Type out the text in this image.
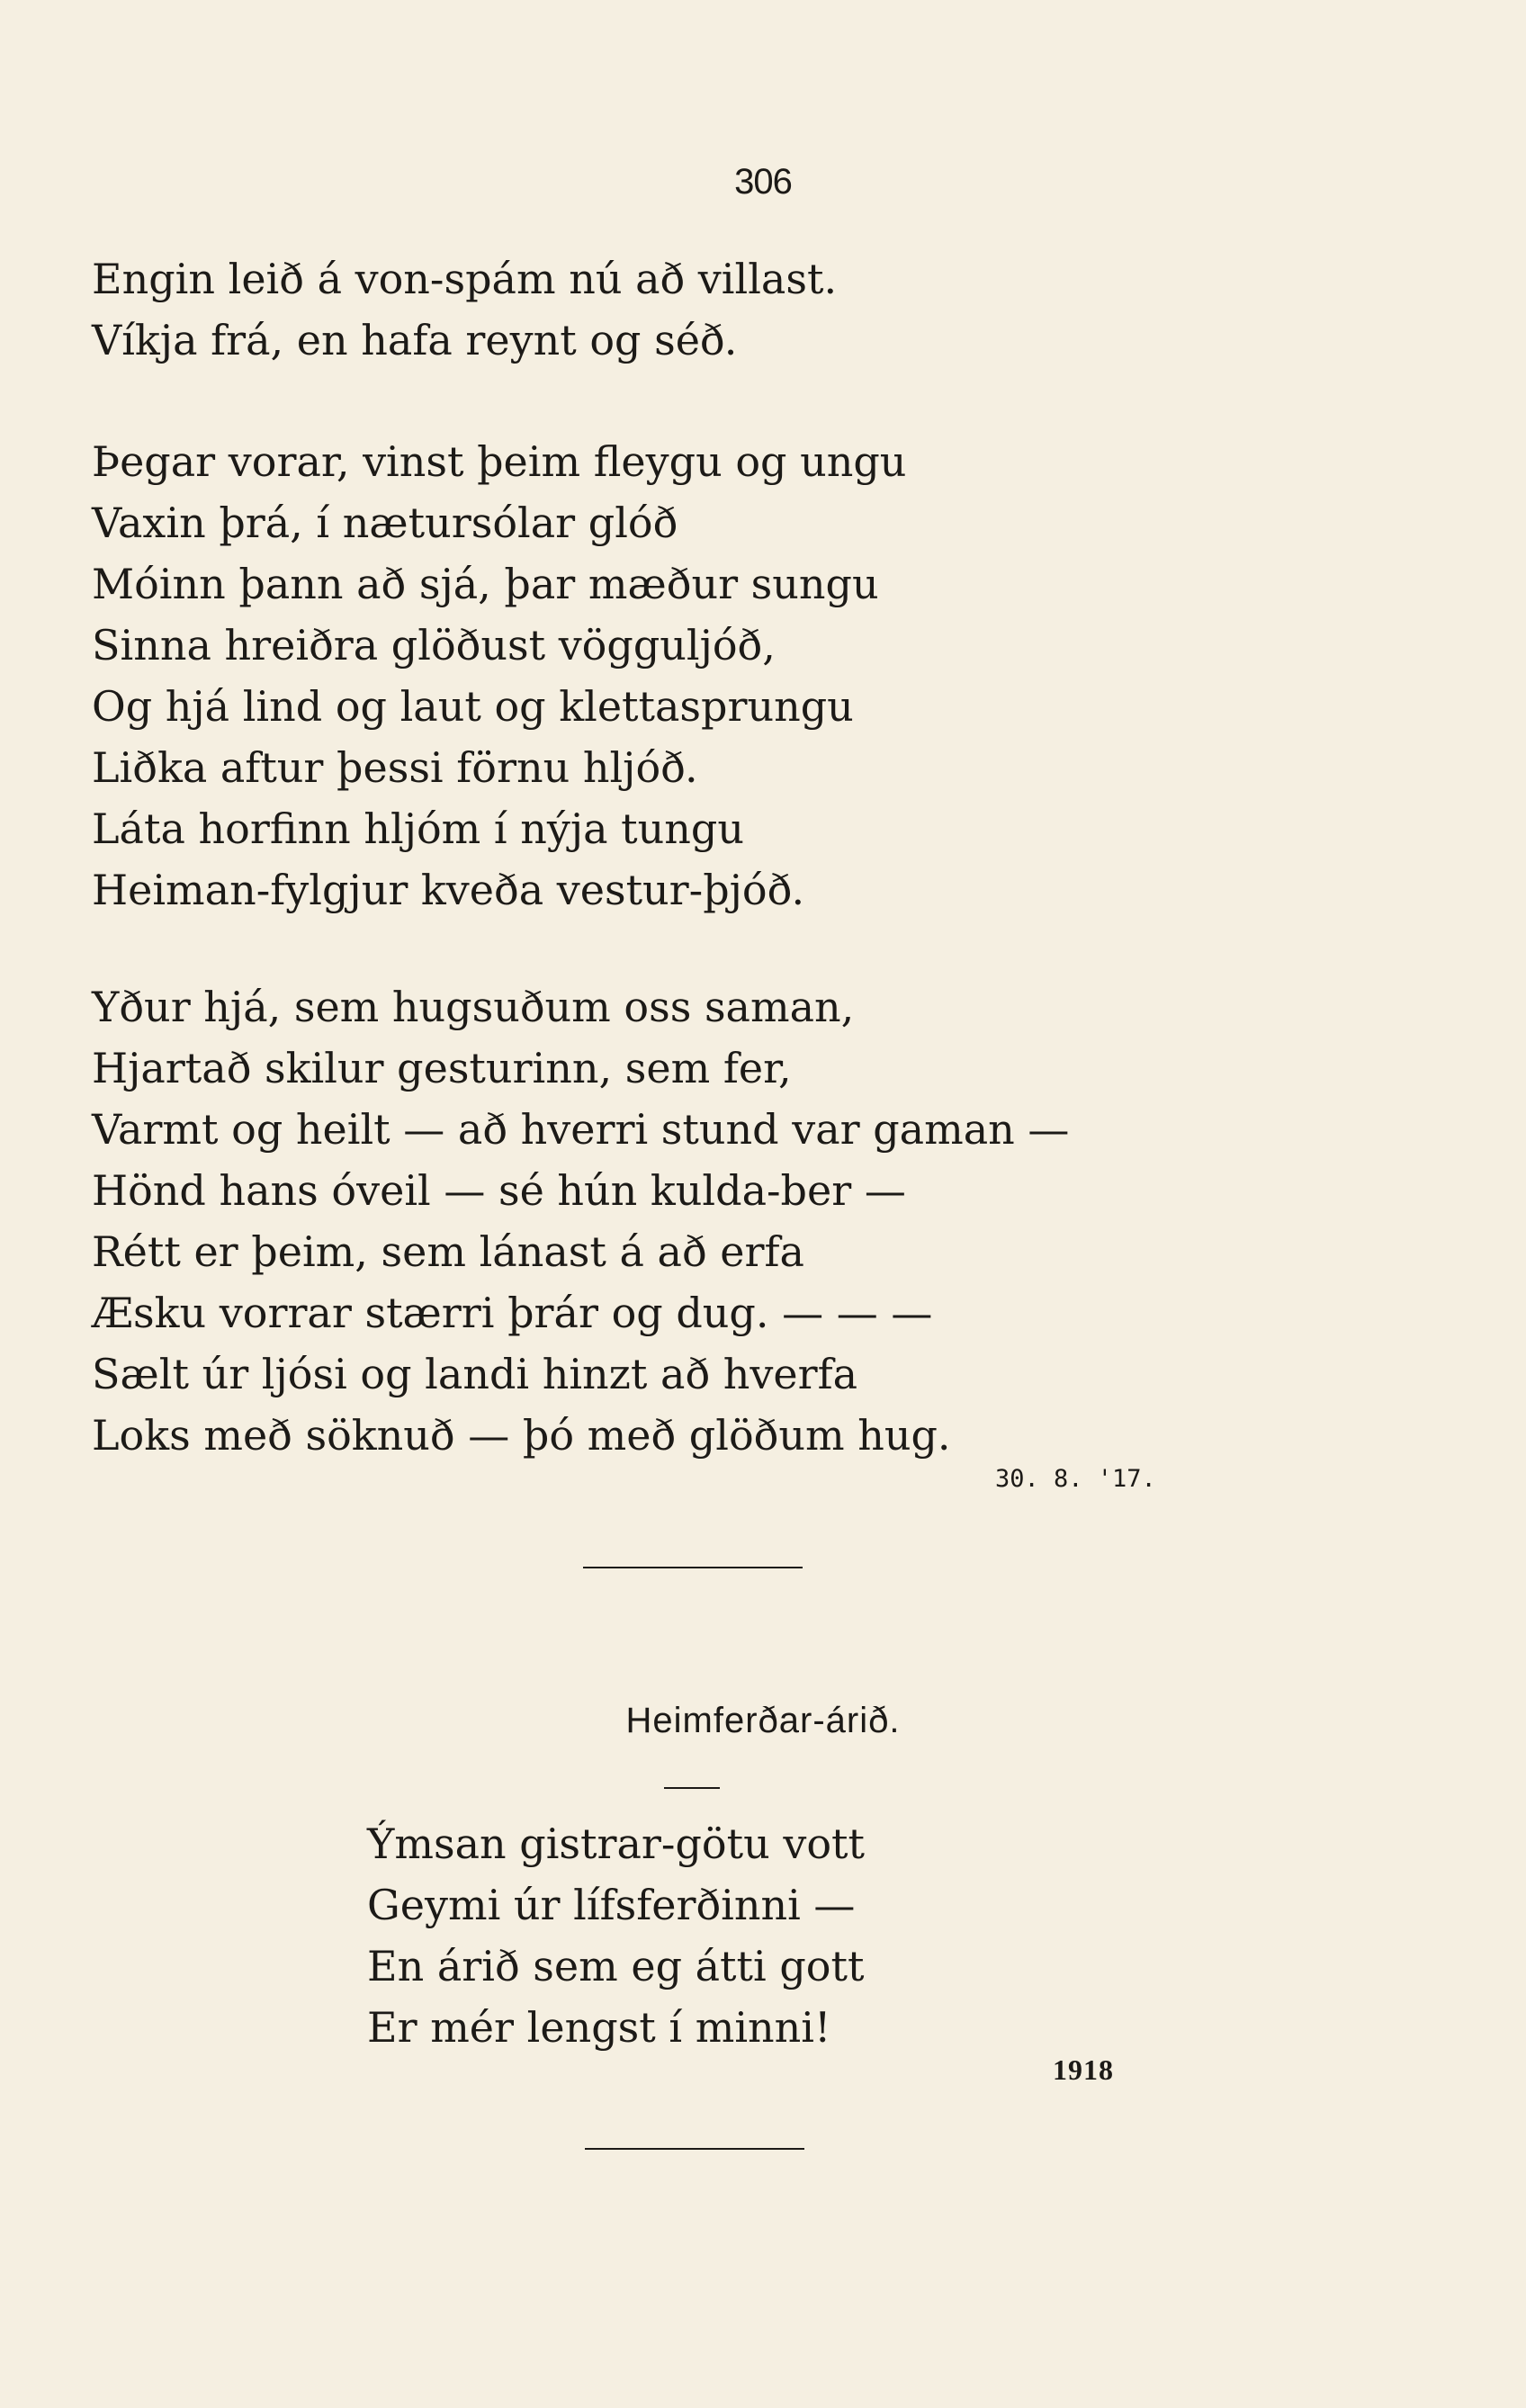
306
Engin leið á von-spám nú að villast.
Víkja frá, en hafa reynt og séð.
Þegar vorar, vinst þeim fleygu og ungu
Vaxin þrá, í nætursólar glóð
Móinn þann að sjá, þar mæður sungu
Sinna hreiðra glöðust vögguljóð,
Og hjá lind og laut og klettasprungu
Liðka aftur þessi förnu hljóð.
Láta horfinn hljóm í nýja tungu
Heiman-fylgjur kveða vestur-þjóð.
Yður hjá, sem hugsuðum oss saman,
Hjartað skilur gesturinn, sem fer,
Varmt og heilt — að hverri stund var gaman —
Hönd hans óveil — sé hún kulda-ber —
Rétt er þeim, sem lánast á að erfa
Æsku vorrar stærri þrár og dug. — — —
Sælt úr ljósi og landi hinzt að hverfa
Loks með söknuð — þó með glöðum hug.
30. 8. '17.
Heimferðar-árið.
Ýmsan gistrar-götu vott
Geymi úr lífsferðinni —
En árið sem eg átti gott
Er mér lengst í minni!
1918
